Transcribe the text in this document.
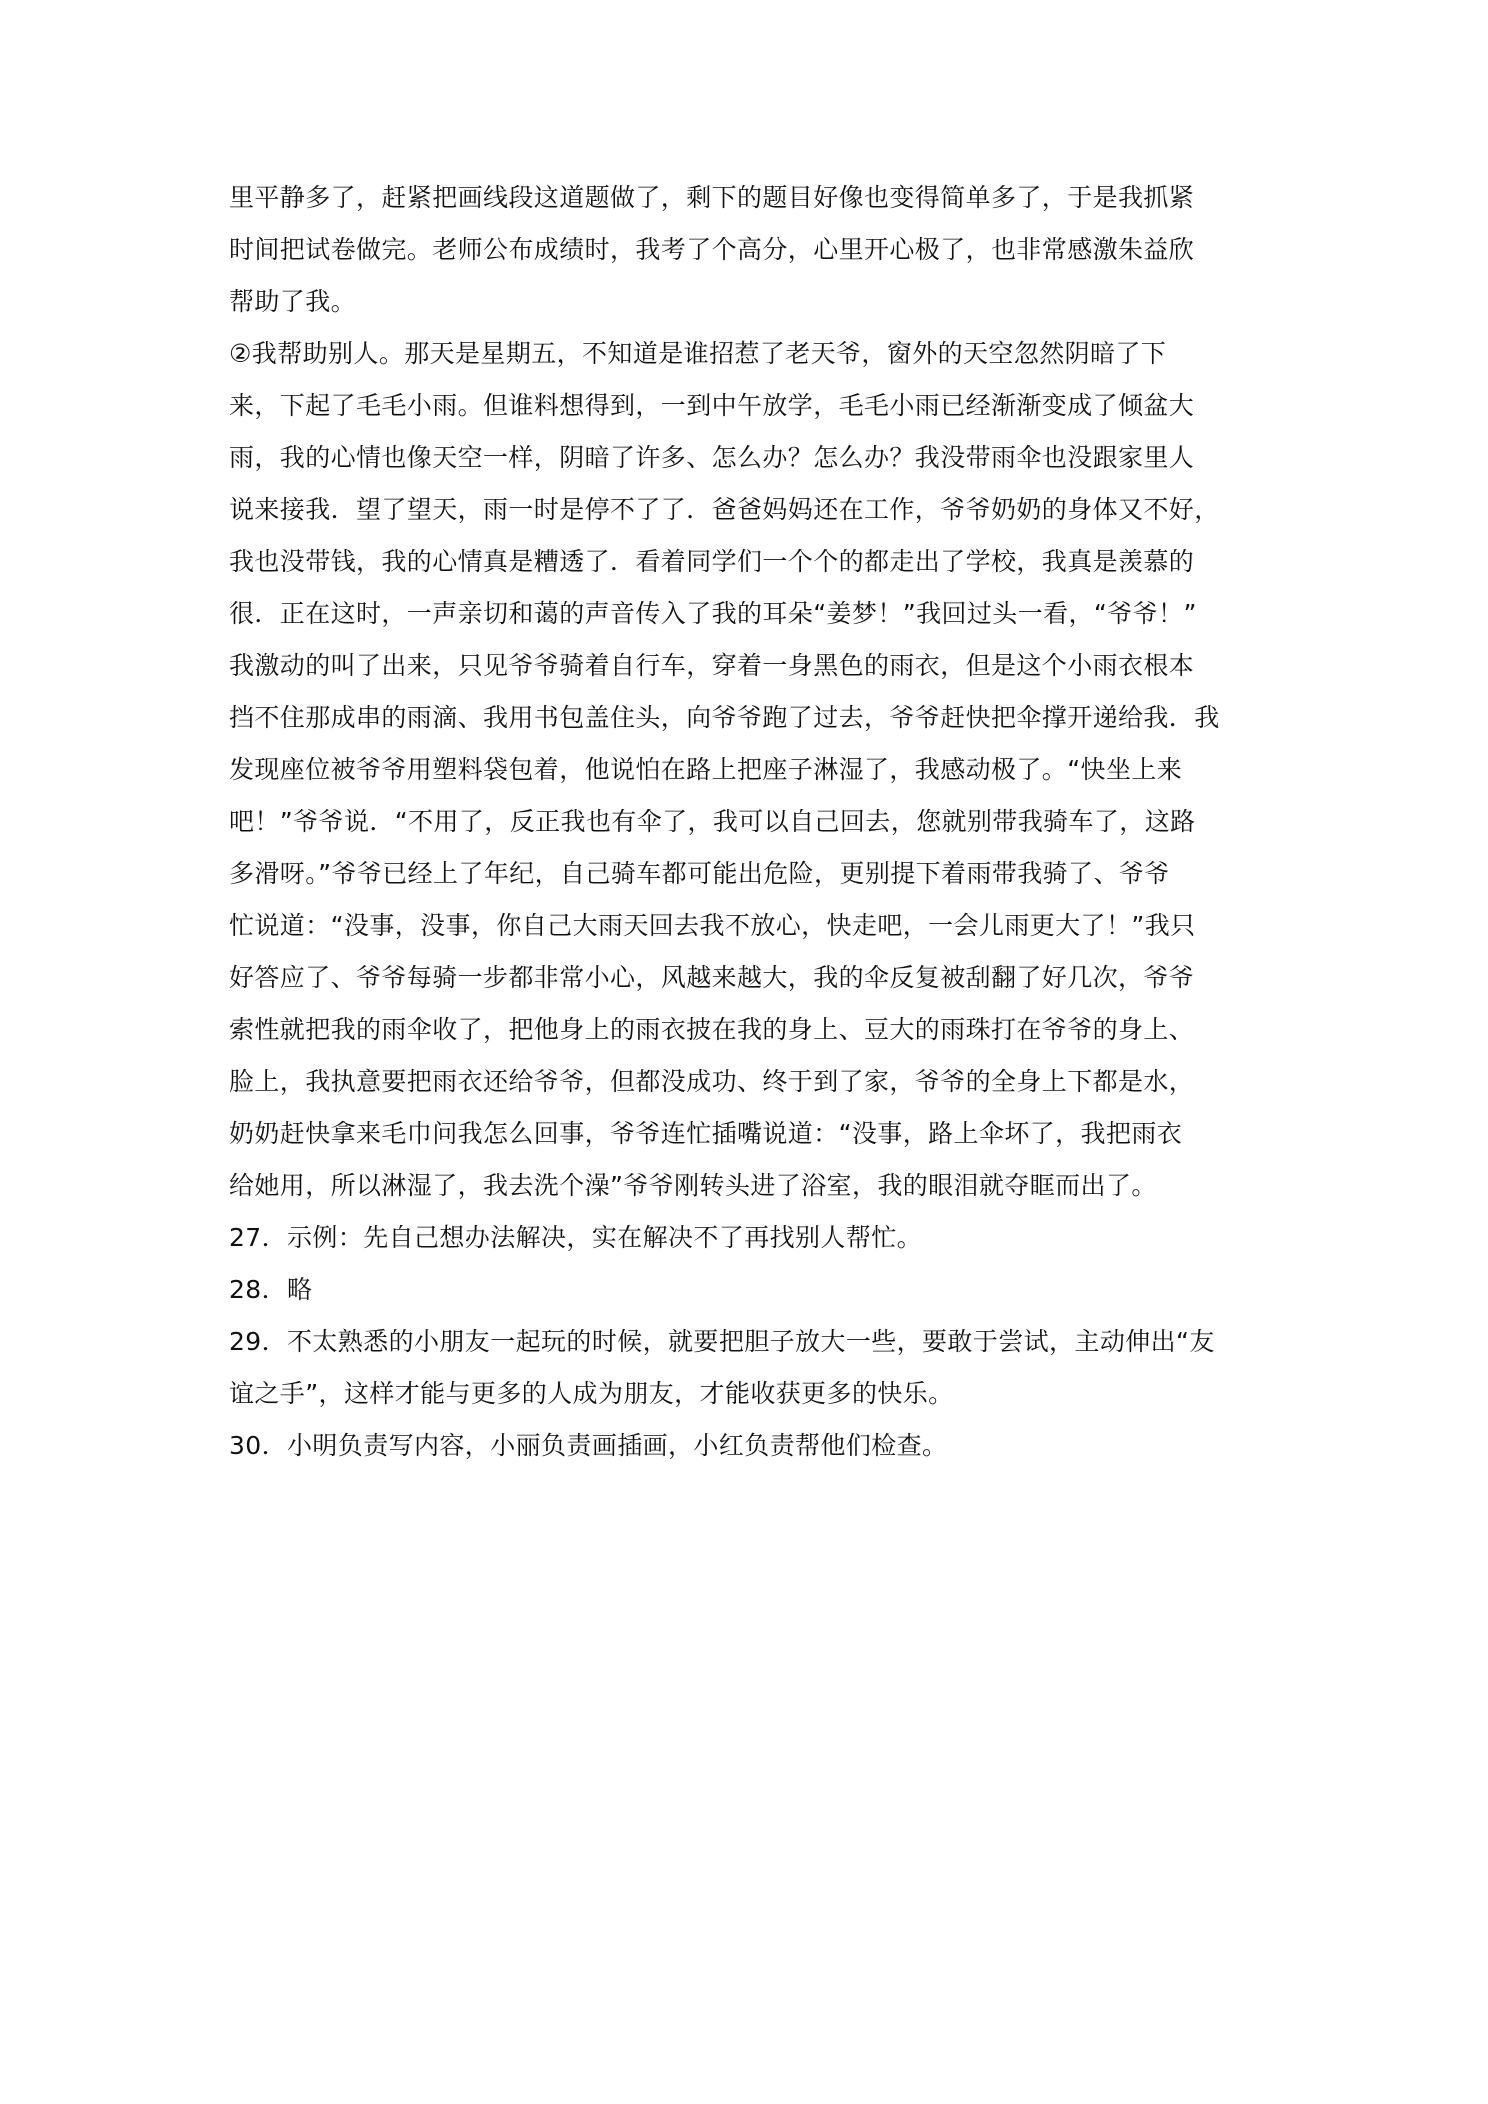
里平静多了，赶紧把画线段这道题做了，剩下的题目好像也变得简单多了，于是我抓紧
时间把试卷做完。老师公布成绩时，我考了个高分，心里开心极了，也非常感激朱益欣
帮助了我。
②我帮助别人。那天是星期五，不知道是谁招惹了老天爷，窗外的天空忽然阴暗了下
来，下起了毛毛小雨。但谁料想得到，一到中午放学，毛毛小雨已经渐渐变成了倾盆大
雨，我的心情也像天空一样，阴暗了许多、怎么办？怎么办？我没带雨伞也没跟家里人
说来接我．望了望天，雨一时是停不了了．爸爸妈妈还在工作，爷爷奶奶的身体又不好，
我也没带钱，我的心情真是糟透了．看着同学们一个个的都走出了学校，我真是羡慕的
很．正在这时，一声亲切和蔼的声音传入了我的耳朵“姜梦！”我回过头一看，“爷爷！”
我激动的叫了出来，只见爷爷骑着自行车，穿着一身黑色的雨衣，但是这个小雨衣根本
挡不住那成串的雨滴、我用书包盖住头，向爷爷跑了过去，爷爷赶快把伞撑开递给我．我
发现座位被爷爷用塑料袋包着，他说怕在路上把座子淋湿了，我感动极了。“快坐上来
吧！”爷爷说．“不用了，反正我也有伞了，我可以自己回去，您就别带我骑车了，这路
多滑呀。”爷爷已经上了年纪，自己骑车都可能出危险，更别提下着雨带我骑了、爷爷
忙说道：“没事，没事，你自己大雨天回去我不放心，快走吧，一会儿雨更大了！”我只
好答应了、爷爷每骑一步都非常小心，风越来越大，我的伞反复被刮翻了好几次，爷爷
索性就把我的雨伞收了，把他身上的雨衣披在我的身上、豆大的雨珠打在爷爷的身上、
脸上，我执意要把雨衣还给爷爷，但都没成功、终于到了家，爷爷的全身上下都是水，
奶奶赶快拿来毛巾问我怎么回事，爷爷连忙插嘴说道：“没事，路上伞坏了，我把雨衣
给她用，所以淋湿了，我去洗个澡”爷爷刚转头进了浴室，我的眼泪就夺眶而出了。
27．示例：先自己想办法解决，实在解决不了再找别人帮忙。
28．略
29．不太熟悉的小朋友一起玩的时候，就要把胆子放大一些，要敢于尝试，主动伸出“友
谊之手”，这样才能与更多的人成为朋友，才能收获更多的快乐。
30．小明负责写内容，小丽负责画插画，小红负责帮他们检查。
